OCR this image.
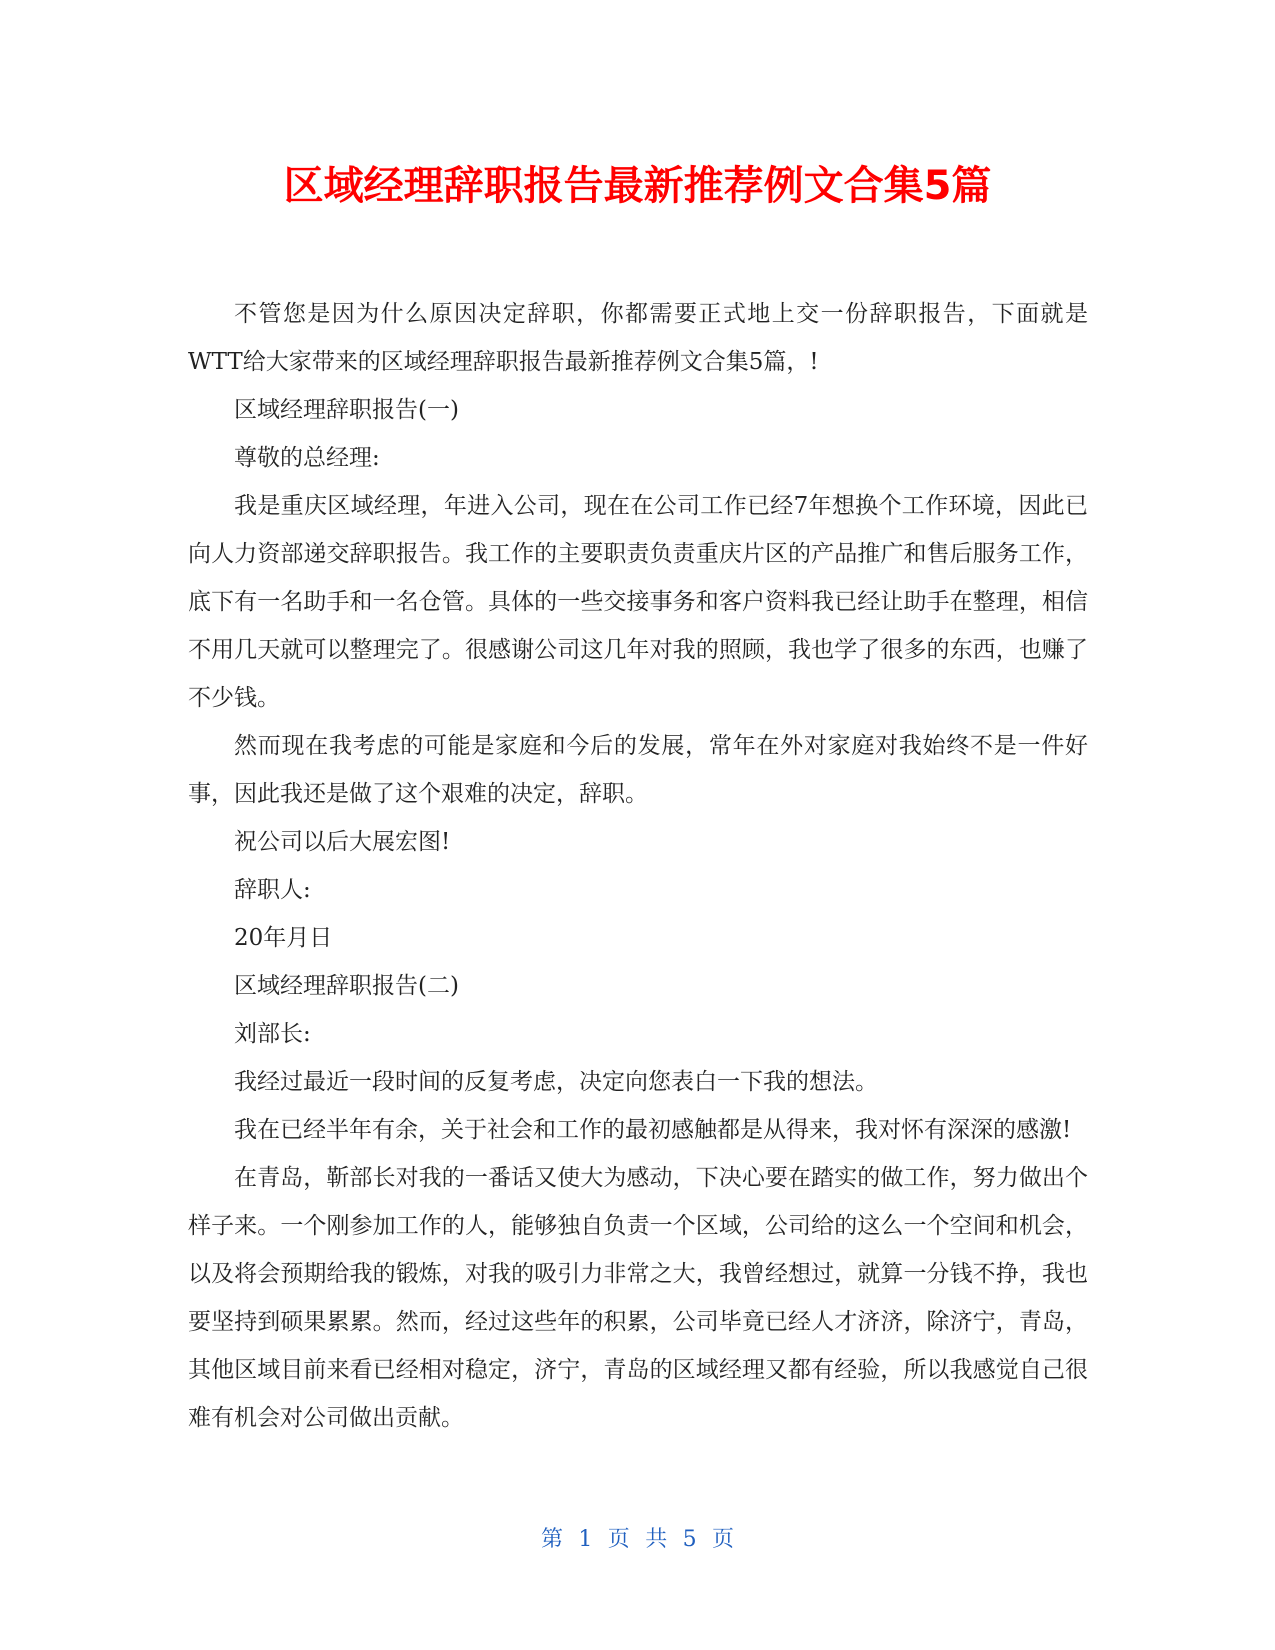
区域经理辞职报告最新推荐例文合集5篇

不管您是因为什么原因决定辞职，你都需要正式地上交一份辞职报告，下面就是WTT给大家带来的区域经理辞职报告最新推荐例文合集5篇，!

区域经理辞职报告(一)

尊敬的总经理:

我是重庆区域经理，年进入公司，现在在公司工作已经7年想换个工作环境，因此已向人力资部递交辞职报告。我工作的主要职责负责重庆片区的产品推广和售后服务工作，底下有一名助手和一名仓管。具体的一些交接事务和客户资料我已经让助手在整理，相信不用几天就可以整理完了。很感谢公司这几年对我的照顾，我也学了很多的东西，也赚了不少钱。

然而现在我考虑的可能是家庭和今后的发展，常年在外对家庭对我始终不是一件好事，因此我还是做了这个艰难的决定，辞职。

祝公司以后大展宏图!

辞职人:

20年月日

区域经理辞职报告(二)

刘部长:

我经过最近一段时间的反复考虑，决定向您表白一下我的想法。

我在已经半年有余，关于社会和工作的最初感触都是从得来，我对怀有深深的感激!

在青岛，靳部长对我的一番话又使大为感动，下决心要在踏实的做工作，努力做出个样子来。一个刚参加工作的人，能够独自负责一个区域，公司给的这么一个空间和机会，以及将会预期给我的锻炼，对我的吸引力非常之大，我曾经想过，就算一分钱不挣，我也要坚持到硕果累累。然而，经过这些年的积累，公司毕竟已经人才济济，除济宁，青岛，其他区域目前来看已经相对稳定，济宁，青岛的区域经理又都有经验，所以我感觉自己很难有机会对公司做出贡献。

第 1 页 共 5 页
